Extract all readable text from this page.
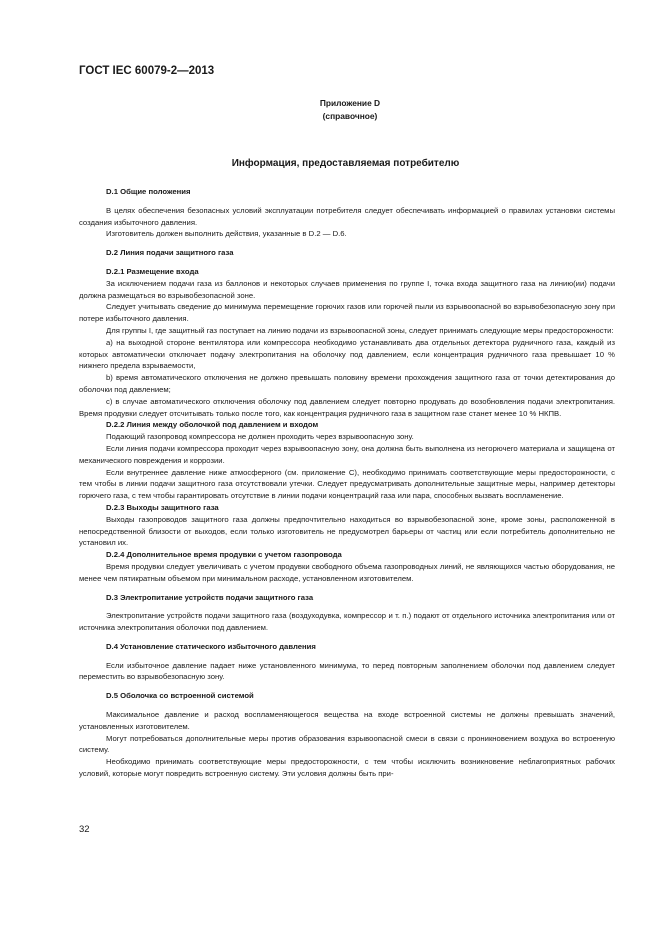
ГОСТ IEC 60079-2—2013
Приложение D
(справочное)
Информация, предоставляемая потребителю
D.1 Общие положения
В целях обеспечения безопасных условий эксплуатации потребителя следует обеспечивать информацией о правилах установки системы создания избыточного давления.
Изготовитель должен выполнить действия, указанные в D.2 — D.6.
D.2 Линия подачи защитного газа
D.2.1 Размещение входа
За исключением подачи газа из баллонов и некоторых случаев применения по группе I, точка входа защитного газа на линию(ии) подачи должна размещаться во взрывобезопасной зоне.
Следует учитывать сведение до минимума перемещение горючих газов или горючей пыли из взрывоопасной во взрывобезопасную зону при потере избыточного давления.
Для группы I, где защитный газ поступает на линию подачи из взрывоопасной зоны, следует принимать следующие меры предосторожности:
a) на выходной стороне вентилятора или компрессора необходимо устанавливать два отдельных детектора рудничного газа, каждый из которых автоматически отключает подачу электропитания на оболочку под давлением, если концентрация рудничного газа превышает 10 % нижнего предела взрываемости,
b) время автоматического отключения не должно превышать половину времени прохождения защитного газа от точки детектирования до оболочки под давлением;
c) в случае автоматического отключения оболочку под давлением следует повторно продувать до возобновления подачи электропитания. Время продувки следует отсчитывать только после того, как концентрация рудничного газа в защитном газе станет менее 10 % НКПВ.
D.2.2 Линия между оболочкой под давлением и входом
Подающий газопровод компрессора не должен проходить через взрывоопасную зону.
Если линия подачи компрессора проходит через взрывоопасную зону, она должна быть выполнена из негорючего материала и защищена от механического повреждения и коррозии.
Если внутреннее давление ниже атмосферного (см. приложение C), необходимо принимать соответствующие меры предосторожности, с тем чтобы в линии подачи защитного газа отсутствовали утечки. Следует предусматривать дополнительные защитные меры, например детекторы горючего газа, с тем чтобы гарантировать отсутствие в линии подачи концентраций газа или пара, способных вызвать воспламенение.
D.2.3 Выходы защитного газа
Выходы газопроводов защитного газа должны предпочтительно находиться во взрывобезопасной зоне, кроме зоны, расположенной в непосредственной близости от выходов, если только изготовитель не предусмотрел барьеры от частиц или если потребитель дополнительно не установил их.
D.2.4 Дополнительное время продувки с учетом газопровода
Время продувки следует увеличивать с учетом продувки свободного объема газопроводных линий, не являющихся частью оборудования, не менее чем пятикратным объемом при минимальном расходе, установленном изготовителем.
D.3 Электропитание устройств подачи защитного газа
Электропитание устройств подачи защитного газа (воздуходувка, компрессор и т. п.) подают от отдельного источника электропитания или от источника электропитания оболочки под давлением.
D.4 Установление статического избыточного давления
Если избыточное давление падает ниже установленного минимума, то перед повторным заполнением оболочки под давлением следует переместить во взрывобезопасную зону.
D.5 Оболочка со встроенной системой
Максимальное давление и расход воспламеняющегося вещества на входе встроенной системы не должны превышать значений, установленных изготовителем.
Могут потребоваться дополнительные меры против образования взрывоопасной смеси в связи с проникновением воздуха во встроенную систему.
Необходимо принимать соответствующие меры предосторожности, с тем чтобы исключить возникновение неблагоприятных рабочих условий, которые могут повредить встроенную систему. Эти условия должны быть при-
32
